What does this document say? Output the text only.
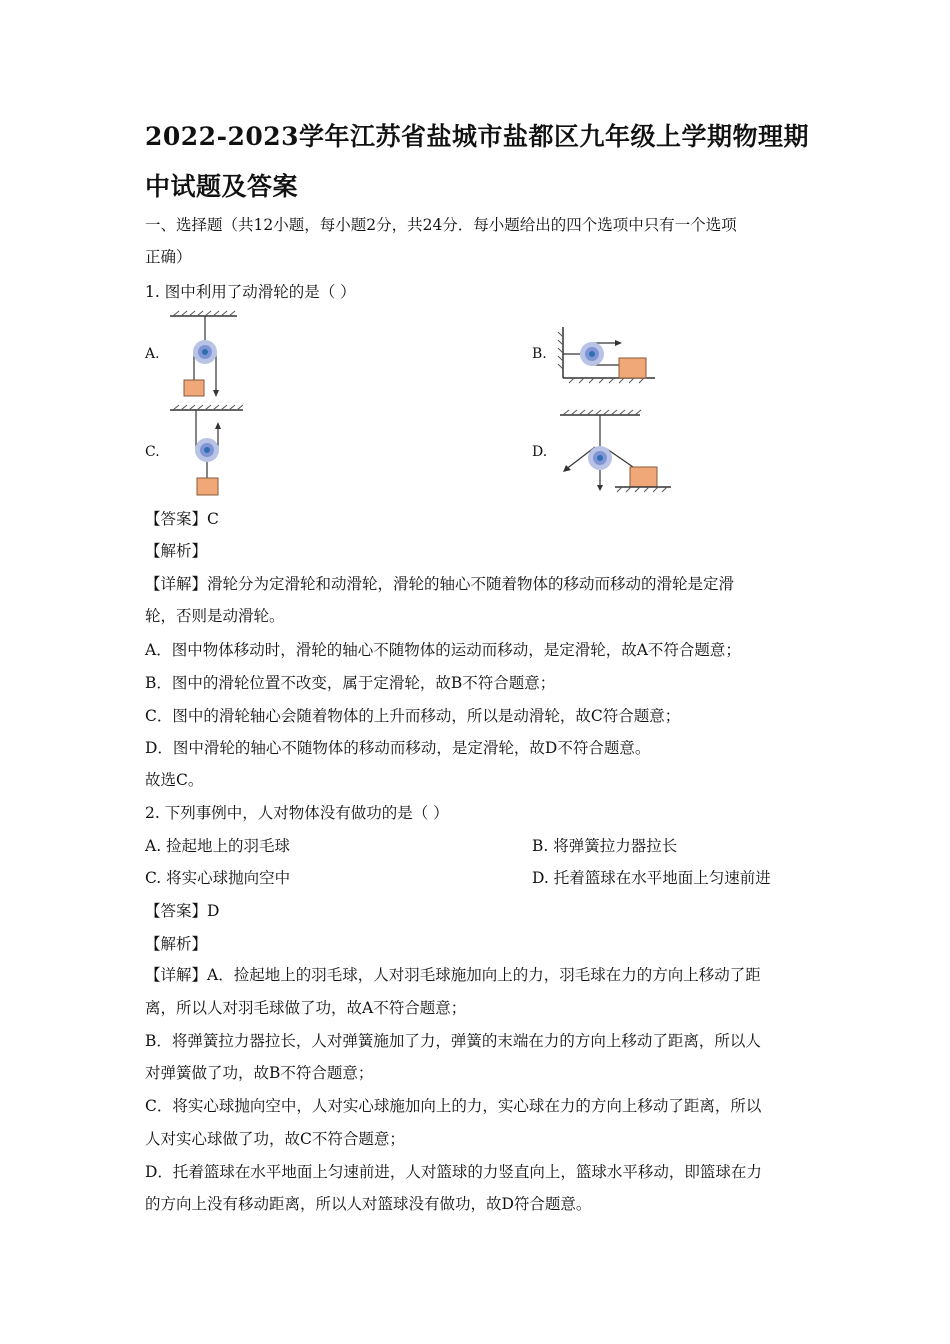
2022-2023学年江苏省盐城市盐都区九年级上学期物理期中试题及答案
一、选择题（共12小题，每小题2分，共24分．每小题给出的四个选项中只有一个选项
正确）
1. 图中利用了动滑轮的是（ ）
A.	B.
C.	D.
【答案】C
【解析】
【详解】滑轮分为定滑轮和动滑轮，滑轮的轴心不随着物体的移动而移动的滑轮是定滑
轮，否则是动滑轮。
A．图中物体移动时，滑轮的轴心不随物体的运动而移动，是定滑轮，故A不符合题意；
B．图中的滑轮位置不改变，属于定滑轮，故B不符合题意；
C．图中的滑轮轴心会随着物体的上升而移动，所以是动滑轮，故C符合题意；
D．图中滑轮的轴心不随物体的移动而移动，是定滑轮，故D不符合题意。
故选C。
2. 下列事例中，人对物体没有做功的是（ ）
A. 捡起地上的羽毛球	B. 将弹簧拉力器拉长
C. 将实心球抛向空中	D. 托着篮球在水平地面上匀速前进
【答案】D
【解析】
【详解】A．捡起地上的羽毛球，人对羽毛球施加向上的力，羽毛球在力的方向上移动了距
离，所以人对羽毛球做了功，故A不符合题意；
B．将弹簧拉力器拉长，人对弹簧施加了力，弹簧的末端在力的方向上移动了距离，所以人
对弹簧做了功，故B不符合题意；
C．将实心球抛向空中，人对实心球施加向上的力，实心球在力的方向上移动了距离，所以
人对实心球做了功，故C不符合题意；
D．托着篮球在水平地面上匀速前进，人对篮球的力竖直向上，篮球水平移动，即篮球在力
的方向上没有移动距离，所以人对篮球没有做功，故D符合题意。
